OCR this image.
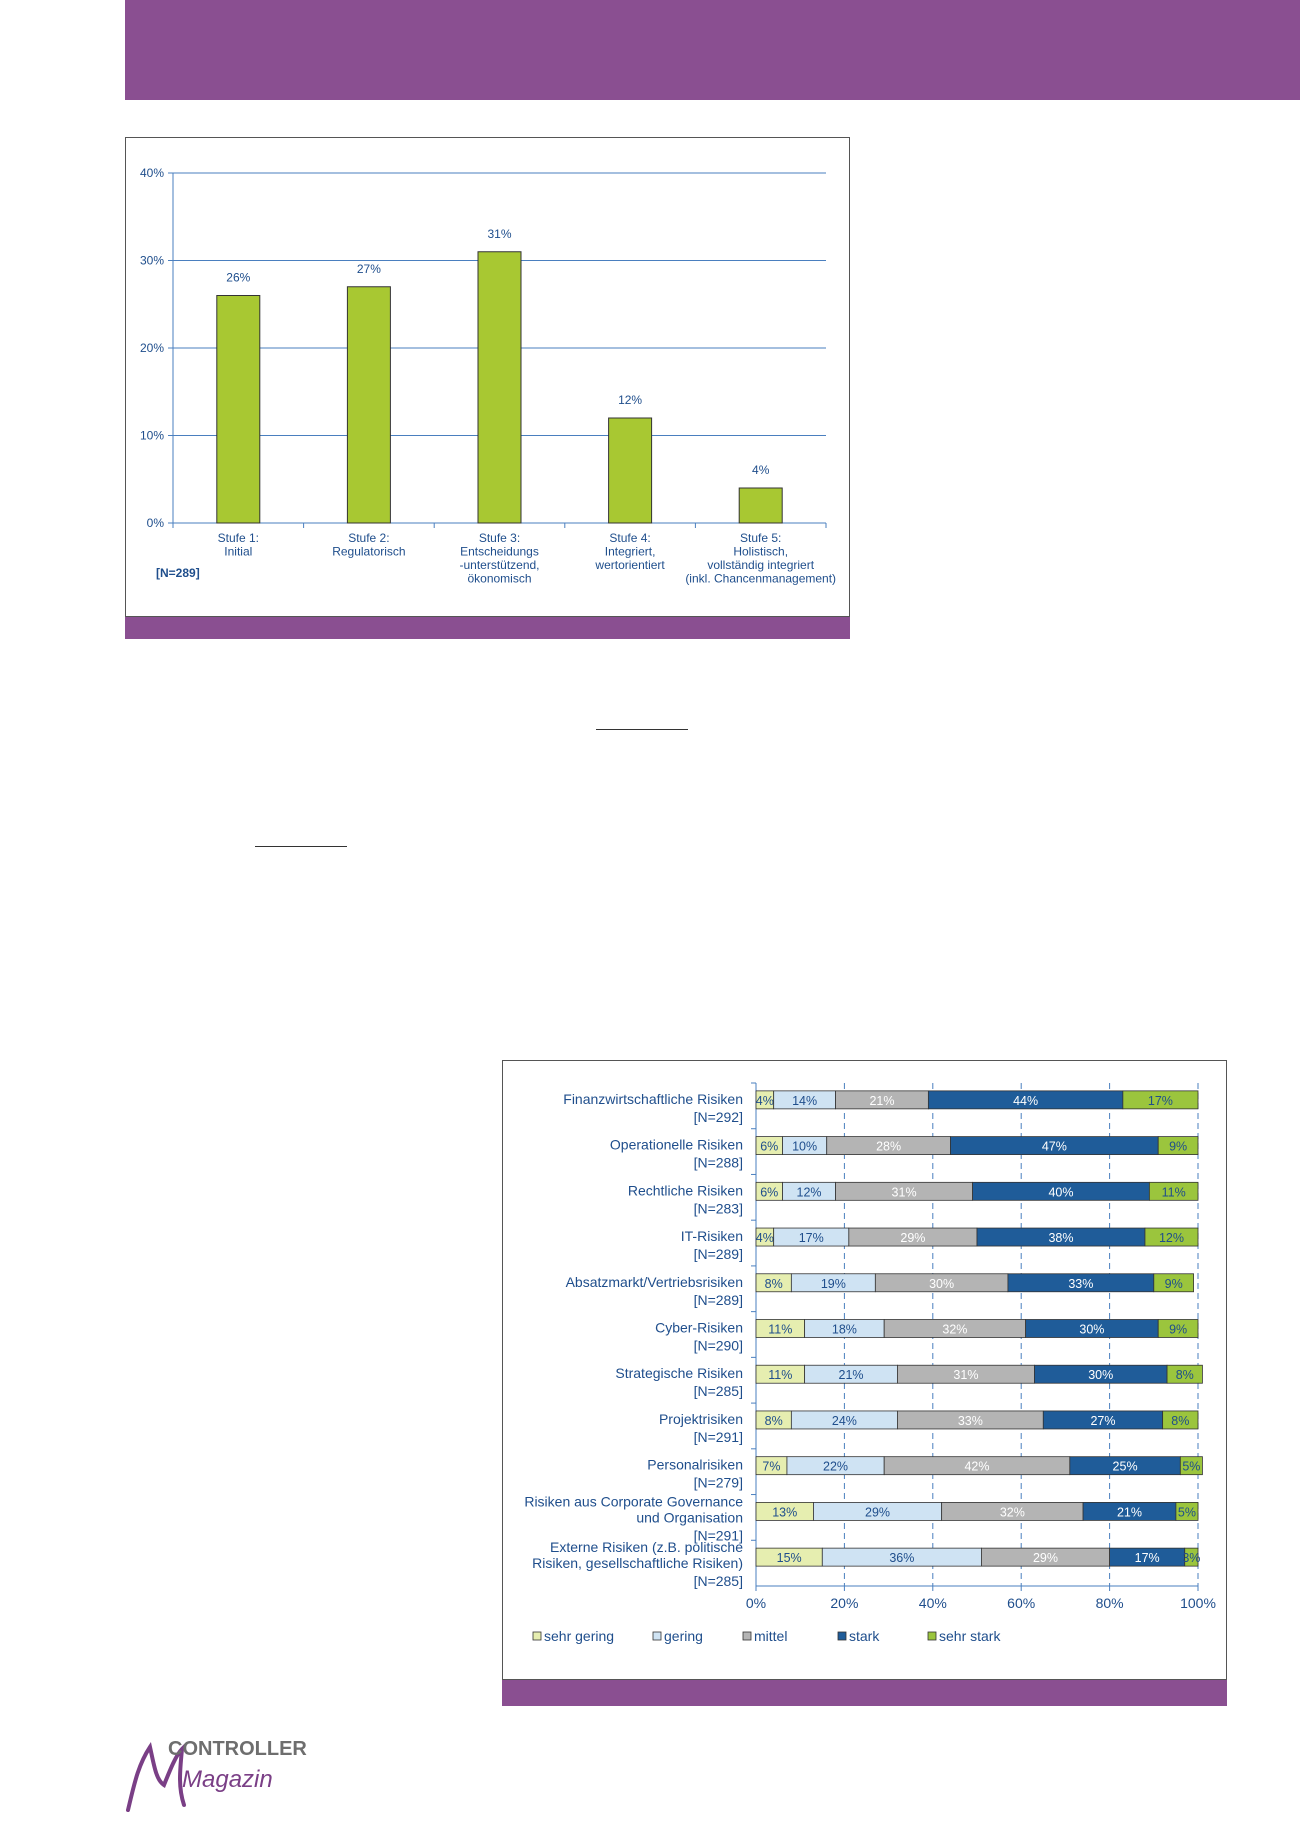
0%
10%
20%
30%
40%
26%
Stufe 1:
Initial
27%
Stufe 2:
Regulatorisch
31%
Stufe 3:
Entscheidungs
-unterstützend,
ökonomisch
12%
Stufe 4:
Integriert,
wertorientiert
4%
Stufe 5:
Holistisch,
vollständig integriert
(inkl. Chancenmanagement)
[N=289]
0%	20%	40%	60%	80%	100%
4% 14%	21%	44%	17%
Finanzwirtschaftliche Risiken
[N=292]
6% 10%	28%	47%	9%
Operationelle Risiken
[N=288]
6% 12%	31%	40%	11%
Rechtliche Risiken
[N=283]
4% 17%	29%	38%	12%
IT-Risiken
[N=289]
8%	19%	30%	33%	9%
Absatzmarkt/Vertriebsrisiken
[N=289]
11%	18%	32%	30%	9%
Cyber-Risiken
[N=290]
11%	21%	31%	30%	8%
Strategische Risiken
[N=285]
8%	24%	33%	27%	8%
Projektrisiken
[N=291]
7%	22%	42%	25%	5%
Personalrisiken
[N=279]
13%	29%	32%	21%	5%
Risiken aus Corporate Governance
und Organisation
[N=291]
15%	36%	29%	17% 3%
Externe Risiken (z.B. politische
Risiken, gesellschaftliche Risiken)
[N=285]
sehr gering	gering	mittel	stark	sehr stark
CONTROLLER
Magazin
